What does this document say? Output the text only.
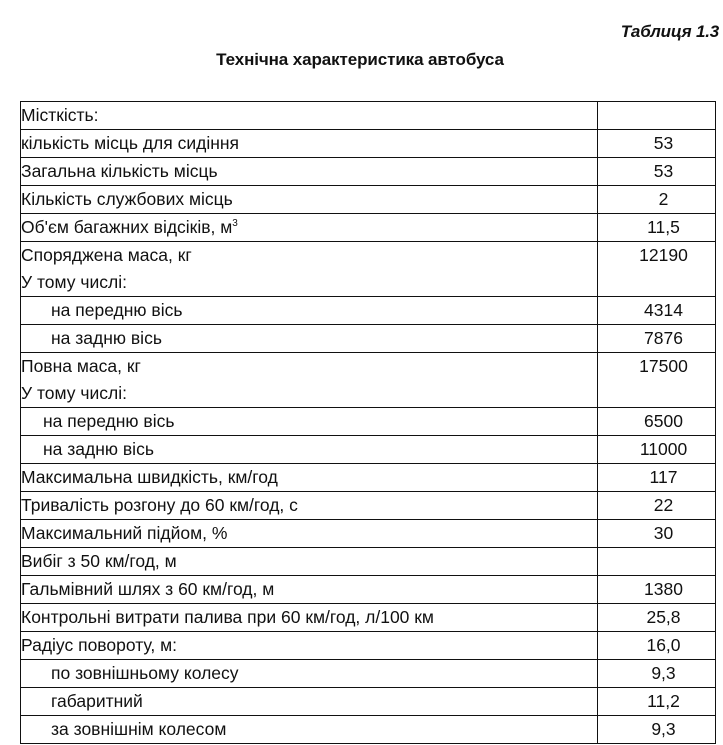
Таблиця 1.3
Технічна характеристика автобуса
Місткість:	

кількість місць для сидіння	53

Загальна кількість місць	53

Кількість службових місць	2

Об'єм багажних відсіків, $м^3$	11,5

Споряджена маса, кг
У тому числі:	12190

на передню вісь	4314

на задню вісь	7876

Повна маса, кг
У тому числі:	17500

на передню вісь	6500

на задню вісь	11000

Максимальна швидкість, км/год	117

Тривалість розгону до 60 км/год, с	22

Максимальний підйом, %	30

Вибіг з 50 км/год, м	

Гальмівний шлях з 60 км/год, м	1380

Контрольні витрати палива при 60 км/год, л/100 км	25,8

Радіус повороту, м:	16,0

по зовнішньому колесу	9,3

габаритний	11,2

за зовнішнім колесом	9,3
